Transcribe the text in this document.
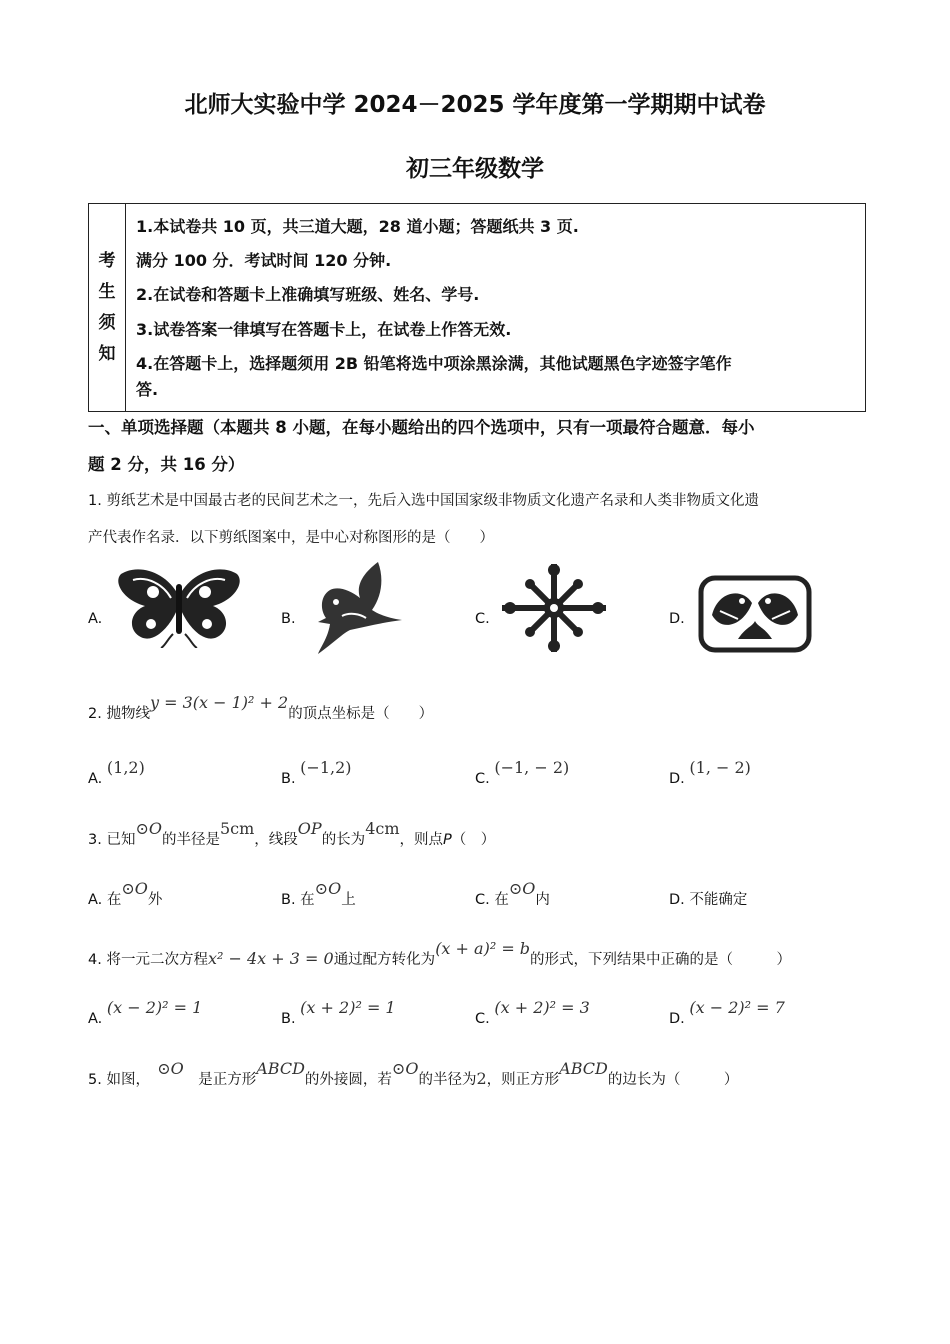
北师大实验中学 2024－2025 学年度第一学期期中试卷
初三年级数学
考
生
须
知
1.本试卷共 10 页，共三道大题，28 道小题；答题纸共 3 页.
满分 100 分．考试时间 120 分钟.
2.在试卷和答题卡上准确填写班级、姓名、学号.
3.试卷答案一律填写在答题卡上，在试卷上作答无效.
4.在答题卡上，选择题须用 2B 铅笔将选中项涂黑涂满，其他试题黑色字迹签字笔作
答.
一、单项选择题（本题共 8 小题，在每小题给出的四个选项中，只有一项最符合题意．每小
题 2 分，共 16 分）
1. 剪纸艺术是中国最古老的民间艺术之一，先后入选中国国家级非物质文化遗产名录和人类非物质文化遗
产代表作名录．以下剪纸图案中，是中心对称图形的是（　　）
A.	B.	C.	D.
2. 抛物线y = 3(x − 1)² + 2的顶点坐标是（　　）
A. (1,2)
B. (−1,2)
C. (−1, − 2)
D. (1, − 2)
3. 已知⊙O的半径是5cm，线段OP的长为4cm，则点P（　）
A. 在⊙O外	B. 在⊙O上	C. 在⊙O内	D. 不能确定
4. 将一元二次方程x² − 4x + 3 = 0通过配方转化为(x + a)² = b的形式，下列结果中正确的是（　　　）
A. (x − 2)² = 1
B. (x + 2)² = 1
C. (x + 2)² = 3
D. (x − 2)² = 7
5. 如图，　⊙O　是正方形ABCD的外接圆，若⊙O的半径为2，则正方形ABCD的边长为（　　　）
